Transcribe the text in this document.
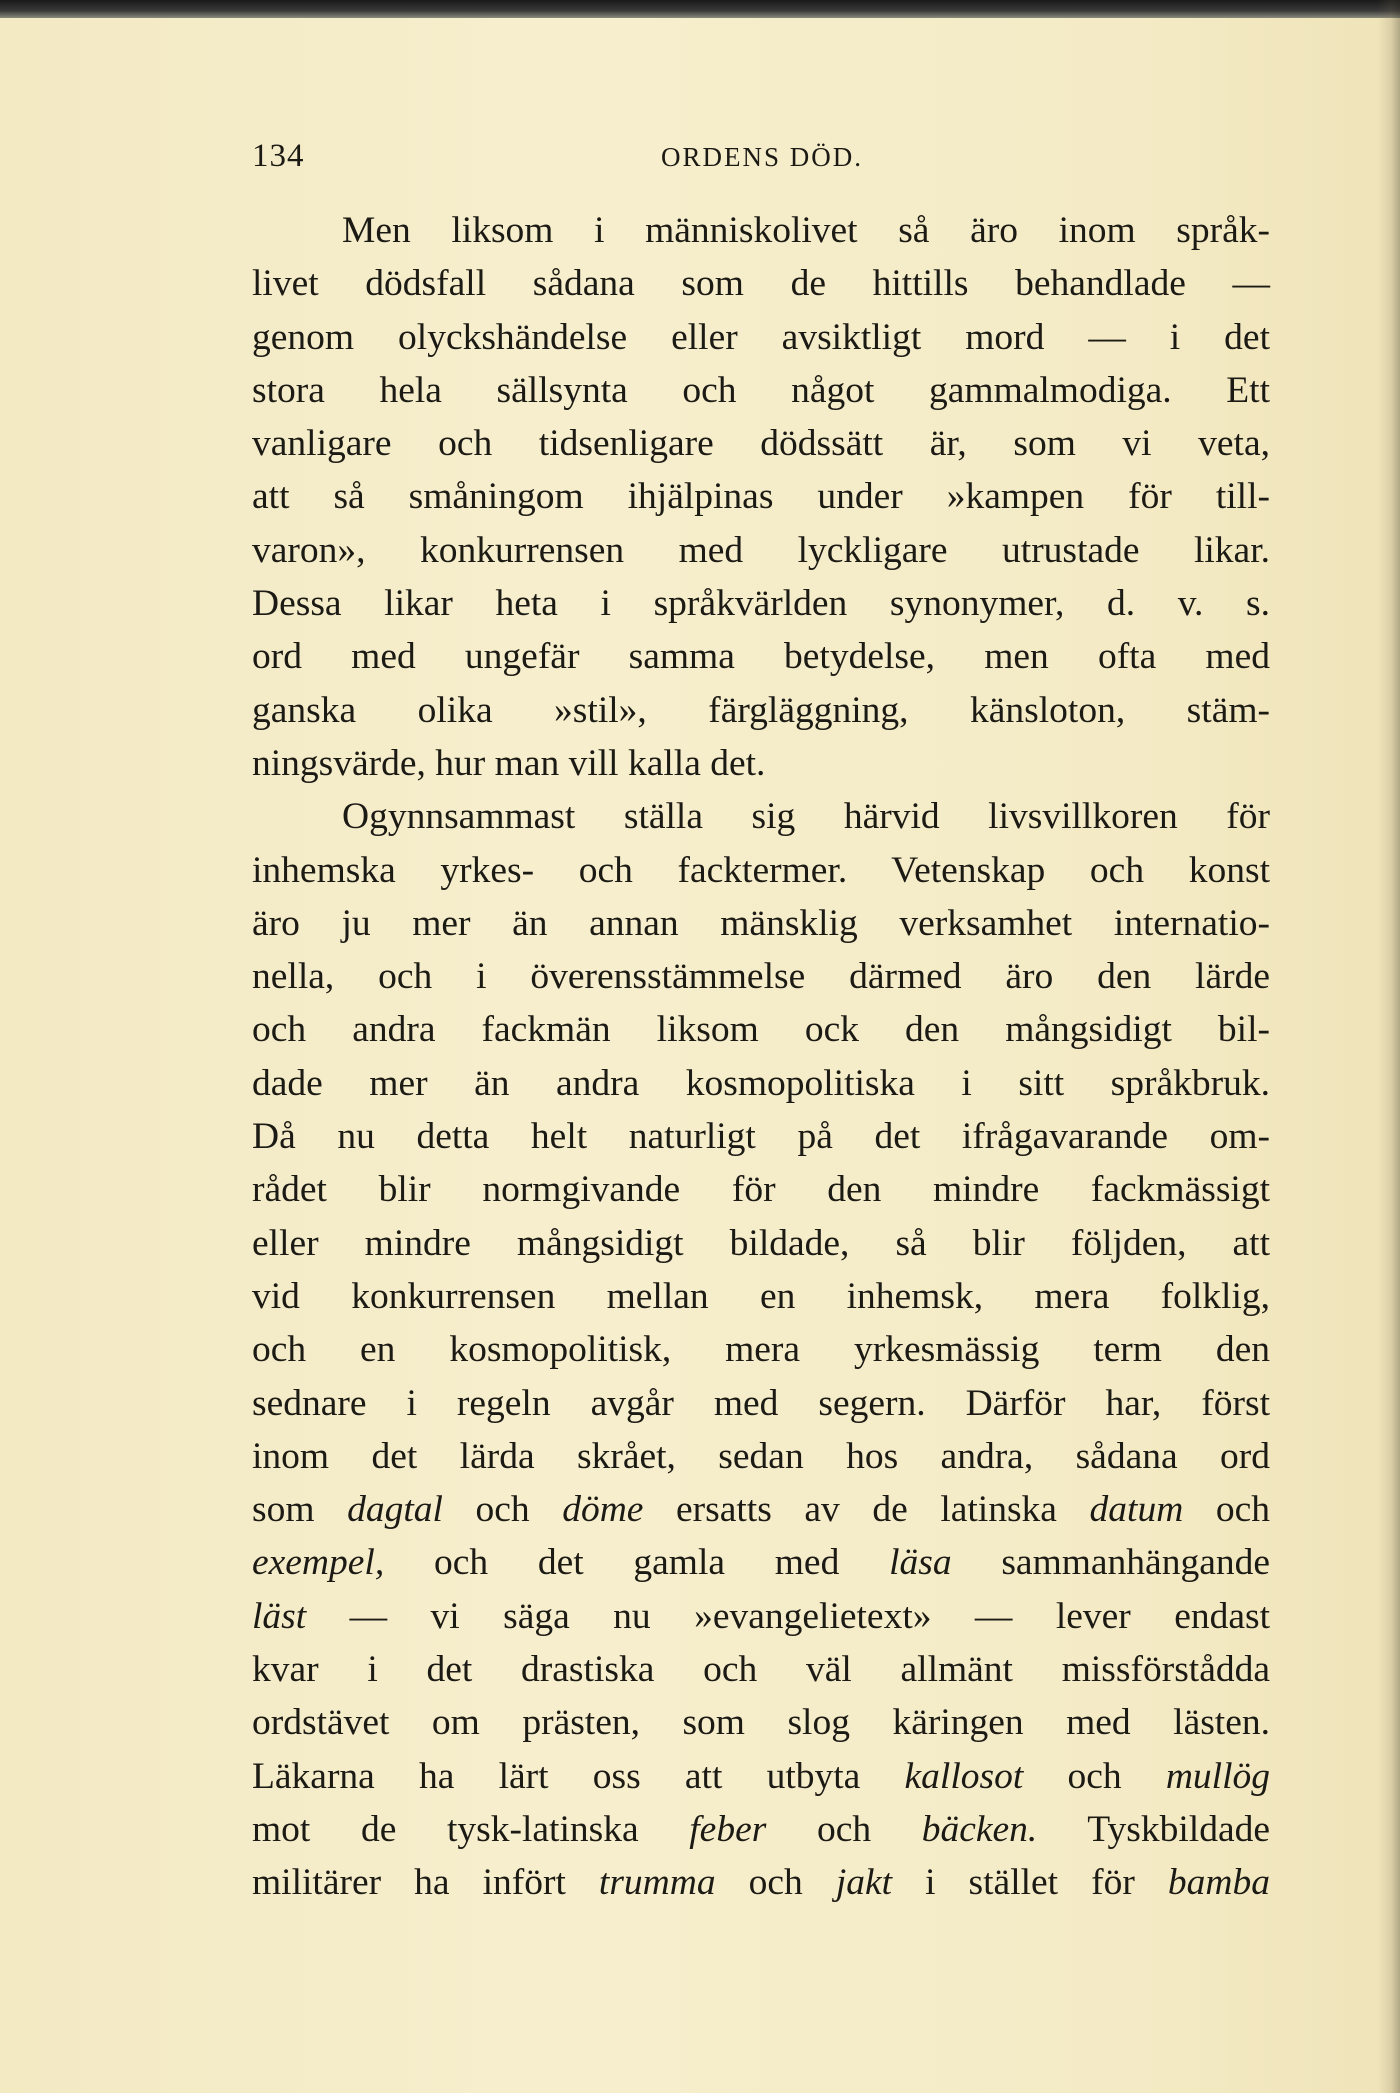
134	ORDENS DÖD.
Men liksom i människolivet så äro inom språk-
livet dödsfall sådana som de hittills behandlade —
genom olyckshändelse eller avsiktligt mord — i det
stora hela sällsynta och något gammalmodiga. Ett
vanligare och tidsenligare dödssätt är, som vi veta,
att så småningom ihjälpinas under »kampen för till-
varon», konkurrensen med lyckligare utrustade likar.
Dessa likar heta i språkvärlden synonymer, d. v. s.
ord med ungefär samma betydelse, men ofta med
ganska olika »stil», färgläggning, känsloton, stäm-
ningsvärde, hur man vill kalla det.
Ogynnsammast ställa sig härvid livsvillkoren för
inhemska yrkes- och facktermer. Vetenskap och konst
äro ju mer än annan mänsklig verksamhet internatio-
nella, och i överensstämmelse därmed äro den lärde
och andra fackmän liksom ock den mångsidigt bil-
dade mer än andra kosmopolitiska i sitt språkbruk.
Då nu detta helt naturligt på det ifrågavarande om-
rådet blir normgivande för den mindre fackmässigt
eller mindre mångsidigt bildade, så blir följden, att
vid konkurrensen mellan en inhemsk, mera folklig,
och en kosmopolitisk, mera yrkesmässig term den
sednare i regeln avgår med segern. Därför har, först
inom det lärda skrået, sedan hos andra, sådana ord
som dagtal och döme ersatts av de latinska datum och
exempel, och det gamla med läsa sammanhängande
läst — vi säga nu »evangelietext» — lever endast
kvar i det drastiska och väl allmänt missförståddа
ordstävet om prästen, som slog käringen med lästen.
Läkarna ha lärt oss att utbyta kallosot och mullög
mot de tysk-latinska feber och bäcken. Tyskbildade
militärer ha infört trumma och jakt i stället för bamba
